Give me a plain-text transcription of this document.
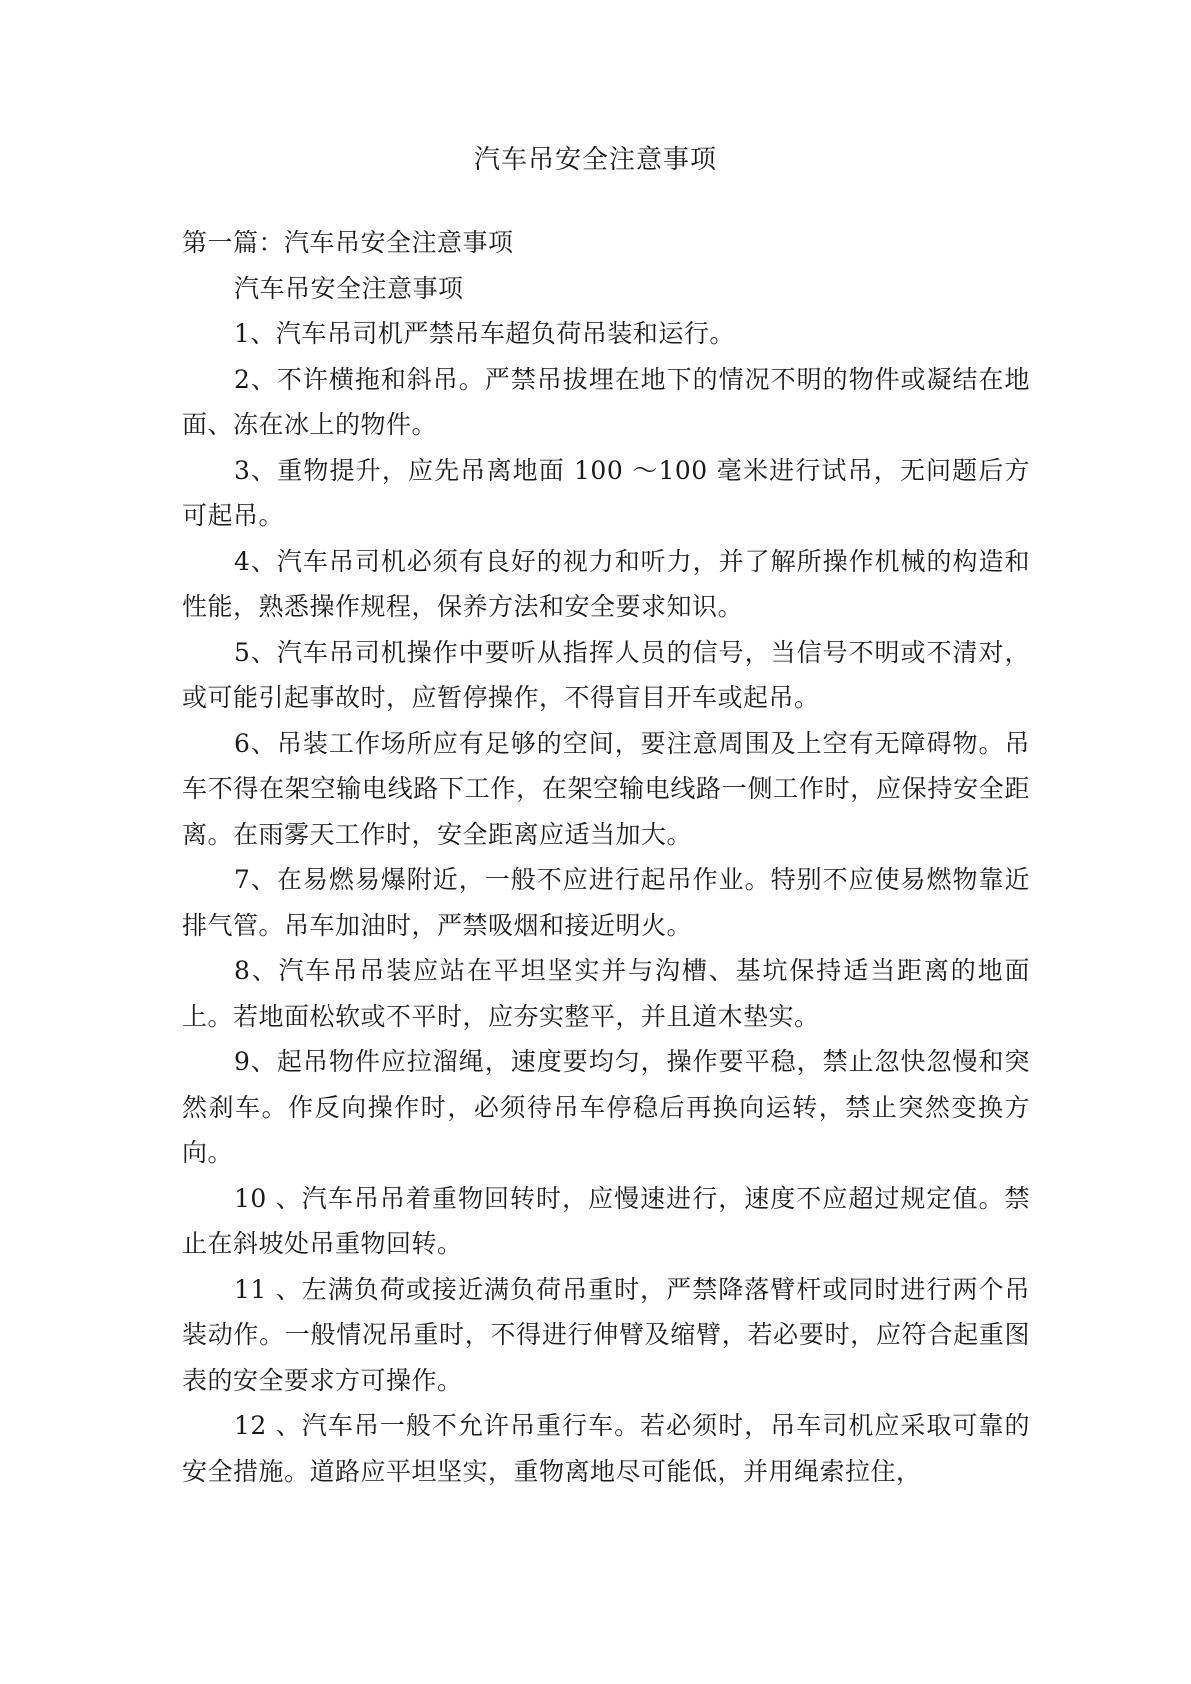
汽车吊安全注意事项

第一篇：汽车吊安全注意事项

汽车吊安全注意事项

1、汽车吊司机严禁吊车超负荷吊装和运行。

2、不许横拖和斜吊。严禁吊拔埋在地下的情况不明的物件或凝结在地面、冻在冰上的物件。

3、重物提升，应先吊离地面 100 ～100 毫米进行试吊，无问题后方可起吊。

4、汽车吊司机必须有良好的视力和听力，并了解所操作机械的构造和性能，熟悉操作规程，保养方法和安全要求知识。

5、汽车吊司机操作中要听从指挥人员的信号，当信号不明或不清对，或可能引起事故时，应暂停操作，不得盲目开车或起吊。

6、吊装工作场所应有足够的空间，要注意周围及上空有无障碍物。吊车不得在架空输电线路下工作，在架空输电线路一侧工作时，应保持安全距离。在雨雾天工作时，安全距离应适当加大。

7、在易燃易爆附近，一般不应进行起吊作业。特别不应使易燃物靠近排气管。吊车加油时，严禁吸烟和接近明火。

8、汽车吊吊装应站在平坦坚实并与沟槽、基坑保持适当距离的地面上。若地面松软或不平时，应夯实整平，并且道木垫实。

9、起吊物件应拉溜绳，速度要均匀，操作要平稳，禁止忽快忽慢和突然刹车。作反向操作时，必须待吊车停稳后再换向运转，禁止突然变换方向。

10 、汽车吊吊着重物回转时，应慢速进行，速度不应超过规定值。禁止在斜坡处吊重物回转。

11 、左满负荷或接近满负荷吊重时，严禁降落臂杆或同时进行两个吊装动作。一般情况吊重时，不得进行伸臂及缩臂，若必要时，应符合起重图表的安全要求方可操作。

12 、汽车吊一般不允许吊重行车。若必须时，吊车司机应采取可靠的安全措施。道路应平坦坚实，重物离地尽可能低，并用绳索拉住，
